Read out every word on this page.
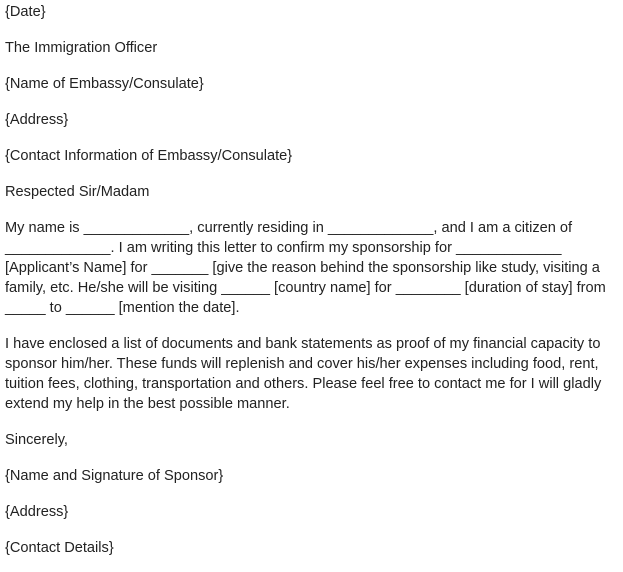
{Date}
The Immigration Officer
{Name of Embassy/Consulate}
{Address}
{Contact Information of Embassy/Consulate}
Respected Sir/Madam
My name is _____________, currently residing in _____________, and I am a citizen of _____________. I am writing this letter to confirm my sponsorship for _____________ [Applicant’s Name] for _______ [give the reason behind the sponsorship like study, visiting a family, etc. He/she will be visiting ______ [country name] for ________ [duration of stay] from _____ to ______ [mention the date].
I have enclosed a list of documents and bank statements as proof of my financial capacity to sponsor him/her. These funds will replenish and cover his/her expenses including food, rent, tuition fees, clothing, transportation and others. Please feel free to contact me for I will gladly extend my help in the best possible manner.
Sincerely,
{Name and Signature of Sponsor}
{Address}
{Contact Details}
